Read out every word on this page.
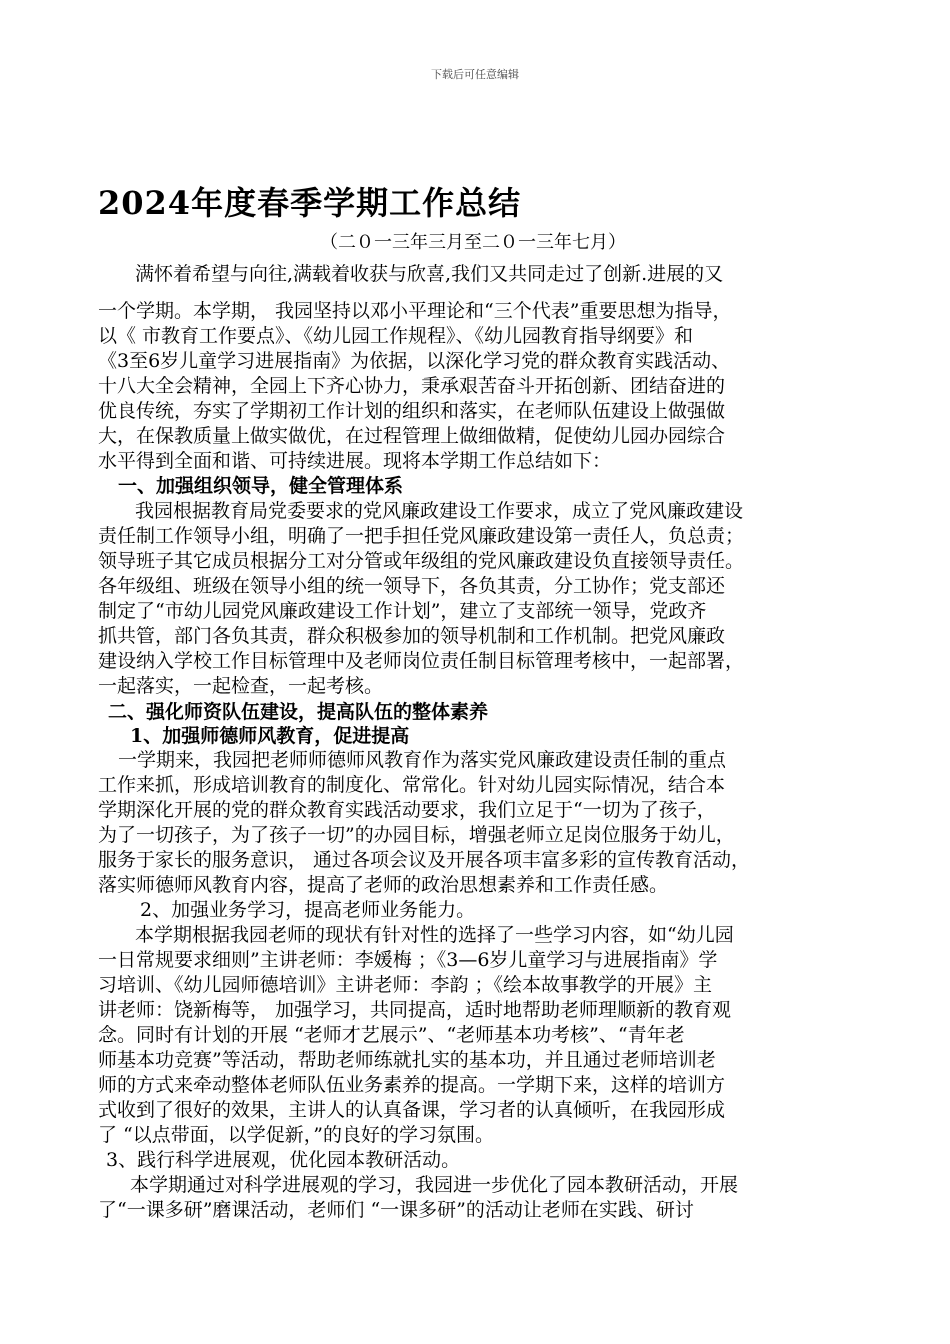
下载后可任意编辑
2024年度春季学期工作总结
（二０一三年三月至二０一三年七月）
满怀着希望与向往,满载着收获与欣喜,我们又共同走过了创新.进展的又
一个学期。本学期， 我园坚持以邓小平理论和“三个代表”重要思想为指导，
以《 市教育工作要点》、《幼儿园工作规程》、《幼儿园教育指导纲要》和
《3至6岁儿童学习进展指南》为依据，以深化学习党的群众教育实践活动、
十八大全会精神，全园上下齐心协力，秉承艰苦奋斗开拓创新、团结奋进的
优良传统，夯实了学期初工作计划的组织和落实，在老师队伍建设上做强做
大，在保教质量上做实做优，在过程管理上做细做精，促使幼儿园办园综合
水平得到全面和谐、可持续进展。现将本学期工作总结如下：
一、加强组织领导，健全管理体系
我园根据教育局党委要求的党风廉政建设工作要求，成立了党风廉政建设
责任制工作领导小组，明确了一把手担任党风廉政建设第一责任人，负总责；
领导班子其它成员根据分工对分管或年级组的党风廉政建设负直接领导责任。
各年级组、班级在领导小组的统一领导下，各负其责，分工协作；党支部还
制定了“市幼儿园党风廉政建设工作计划”，建立了支部统一领导，党政齐
抓共管，部门各负其责，群众积极参加的领导机制和工作机制。把党风廉政
建设纳入学校工作目标管理中及老师岗位责任制目标管理考核中，一起部署，
一起落实，一起检查，一起考核。
二、强化师资队伍建设，提高队伍的整体素养
1、加强师德师风教育，促进提高
一学期来，我园把老师师德师风教育作为落实党风廉政建设责任制的重点
工作来抓，形成培训教育的制度化、常常化。针对幼儿园实际情况，结合本
学期深化开展的党的群众教育实践活动要求，我们立足于“一切为了孩子，
为了一切孩子，为了孩子一切”的办园目标，增强老师立足岗位服务于幼儿，
服务于家长的服务意识， 通过各项会议及开展各项丰富多彩的宣传教育活动，
落实师德师风教育内容，提高了老师的政治思想素养和工作责任感。
2、加强业务学习，提高老师业务能力。
本学期根据我园老师的现状有针对性的选择了一些学习内容，如“幼儿园
一日常规要求细则”主讲老师：李媛梅 ；《3—6岁儿童学习与进展指南》学
习培训、《幼儿园师德培训》主讲老师：李韵 ；《绘本故事教学的开展》主
讲老师：饶新梅等， 加强学习，共同提高，适时地帮助老师理顺新的教育观
念。同时有计划的开展 “老师才艺展示”、“老师基本功考核”、“青年老
师基本功竞赛”等活动，帮助老师练就扎实的基本功，并且通过老师培训老
师的方式来牵动整体老师队伍业务素养的提高。一学期下来，这样的培训方
式收到了很好的效果，主讲人的认真备课，学习者的认真倾听，在我园形成
了 “以点带面，以学促新，”的良好的学习氛围。
3、践行科学进展观，优化园本教研活动。
本学期通过对科学进展观的学习，我园进一步优化了园本教研活动，开展
了“一课多研”磨课活动，老师们 “一课多研”的活动让老师在实践、研讨
